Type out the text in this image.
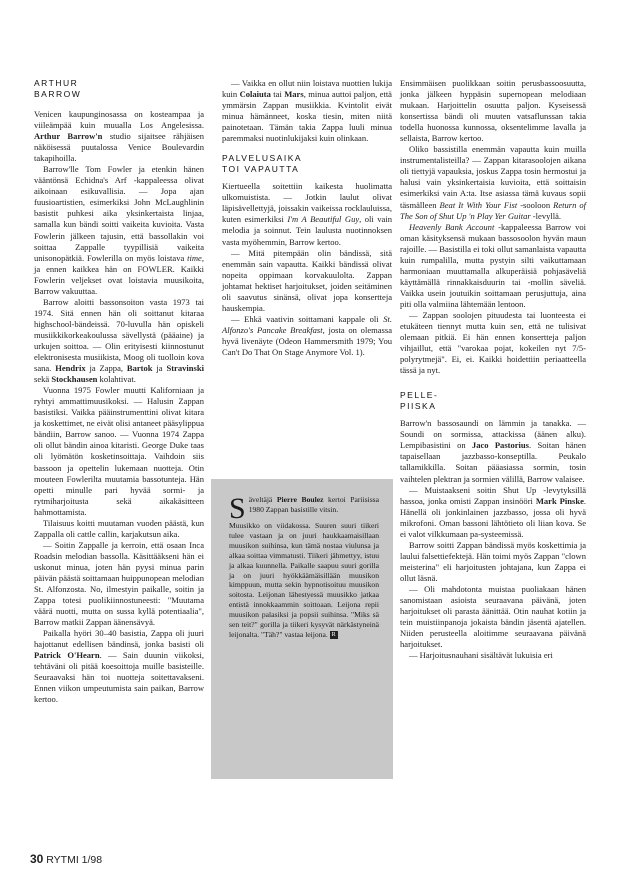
ARTHUR
BARROW

Venicen kaupunginosassa on kosteampaa ja viileämpää kuin muualla Los Angelesissa. Arthur Barrow'n studio sijaitsee rähjäisen näköisessä puutalossa Venice Boulevardin takapihoilla.

Barrow'lle Tom Fowler ja etenkin hänen vääntönsä Echidna's Arf -kappaleessa olivat aikoinaan esikuvallisia. — Jopa ajan fuusioartistien, esimerkiksi John McLaughlinin basistit puhkesi aika yksinkertaista linjaa, samalla kun bändi soitti vaikeita kuvioita. Vasta Fowlerin jälkeen tajusin, että bassollakin voi soittaa Zappalle tyypillisiä vaikeita unisonopätkiä. Fowlerilla on myös loistava time, ja ennen kaikkea hän on FOWLER. Kaikki Fowlerin veljekset ovat loistavia muusikoita, Barrow vakuuttaa.

Barrow aloitti bassonsoiton vasta 1973 tai 1974. Sitä ennen hän oli soittanut kitaraa highschool-bändeissä. 70-luvulla hän opiskeli musiikkikorkeakoulussa sävellystä (pääaine) ja urkujen soittoa. — Olin erityisesti kiinnostunut elektronisesta musiikista, Moog oli tuolloin kova sana. Hendrix ja Zappa, Bartok ja Stravinski sekä Stockhausen kolahtivat.

Vuonna 1975 Fowler muutti Kaliforniaan ja ryhtyi ammattimuusikoksi. — Halusin Zappan basistiksi. Vaikka pääinstrumenttini olivat kitara ja koskettimet, ne eivät olisi antaneet pääsylippua bändiin, Barrow sanoo. — Vuonna 1974 Zappa oli ollut bändin ainoa kitaristi. George Duke taas oli lyömätön kosketinsoittaja. Vaihdoin siis bassoon ja opettelin lukemaan nuotteja. Otin mouteen Fowlerilta muutamia bassotunteja. Hän opetti minulle pari hyvää sormi- ja rytmiharjoitusta sekä aikakäsitteen hahmottamista.

Tilaisuus koitti muutaman vuoden päästä, kun Zappalla oli cattle callin, karjakutsun aika.

— Soitin Zappalle ja kerroin, että osaan Inca Roadsin melodian bassolla. Käsittääkseni hän ei uskonut minua, joten hän pyysi minua parin päivän päästä soittamaan huippunopean melodian St. Alfonzosta. No, ilmestyin paikalle, soitin ja Zappa totesi puolikiinnostuneesti: "Muutama väärä nuotti, mutta on sussa kyllä potentiaalia", Barrow matkii Zappan äänensävyä.

Paikalla hyöri 30–40 basistia, Zappa oli juuri hajottanut edellisen bändinsä, jonka basisti oli Patrick O'Hearn. — Sain duunin viikoksi, tehtäväni oli pitää koesoittoja muille basisteille. Seuraavaksi hän toi nuotteja soitettavakseni. Ennen viikon umpeutumista sain paikan, Barrow kertoo.

— Vaikka en ollut niin loistava nuottien lukija kuin Colaiuta tai Mars, minua auttoi paljon, että ymmärsin Zappan musiikkia. Kvintolit eivät minua hämänneet, koska tiesin, miten niitä painotetaan. Tämän takia Zappa luuli minua paremmaksi nuotinlukijaksi kuin olinkaan.

PALVELUSAIKA
TOI VAPAUTTA

Kiertueella soitettiin kaikesta huolimatta ulkomuistista. — Jotkin laulut olivat läpisävellettyjä, joissakin vaikeissa rocklauluissa, kuten esimerkiksi I'm A Beautiful Guy, oli vain melodia ja soinnut. Tein laulusta nuotinnoksen vasta myöhemmin, Barrow kertoo.

— Mitä pitempään olin bändissä, sitä enemmän sain vapautta. Kaikki bändissä olivat nopeita oppimaan korvakuulolta. Zappan johtamat hektiset harjoitukset, joiden seitäminen oli saavutus sinänsä, olivat jopa konsertteja hauskempia.

— Ehkä vaativin soittamani kappale oli St. Alfonzo's Pancake Breakfast, josta on olemassa hyvä livenäyte (Odeon Hammersmith 1979; You Can't Do That On Stage Anymore Vol. 1).

Säveltäjä Pierre Boulez kertoi Pariisissa 1980 Zappan basistille vitsin.

Muusikko on viidakossa. Suuren suuri tiikeri tulee vastaan ja on juuri haukkaamaisillaan muusikon suihinsa, kun tämä nostaa viulunsa ja alkaa soittaa vimmatusti. Tiikeri jähmettyy, istuu ja alkaa kuunnella. Paikalle saapuu suuri gorilla ja on juuri hyökkäämäisillään muusikon kimppuun, mutta sekin hypnotisoituu muusikon soitosta. Leijonan lähestyessä muusikko jatkaa entistä innokkaammin soittoaan. Leijona repii muusikon palasiksi ja popsii suihinsa. "Miks sä sen teit?" gorilla ja tiikeri kysyvät närkästyneinä leijonalta. "Täh?" vastaa leijona. R

Ensimmäisen puolikkaan soitin perusbassoosuutta, jonka jälkeen hyppäsin supernopean melodiaan mukaan. Harjoittelin osuutta paljon. Kyseisessä konsertissa bändi oli muuten vatsaflunssan takia todella huonossa kunnossa, oksentelimme lavalla ja sellaista, Barrow kertoo.

Oliko bassistilla enemmän vapautta kuin muilla instrumentalisteilla? — Zappan kitarasoolojen aikana oli tiettyjä vapauksia, joskus Zappa tosin hermostui ja halusi vain yksinkertaisia kuvioita, että soittaisin esimerkiksi vain A:ta. Itse asiassa tämä kuvaus sopii täsmälleen Beat It With Your Fist -sooloon Return of The Son of Shut Up 'n Play Yer Guitar -levyllä.

Heavenly Bank Account -kappaleessa Barrow voi oman käsityksensä mukaan bassosoolon hyvän maun rajoille. — Basistilla ei toki ollut samanlaista vapautta kuin rumpalilla, mutta pystyin silti vaikuttamaan harmoniaan muuttamalla alkuperäisiä pohjasäveliä käyttämällä rinnakkaisduurin tai -mollin säveliä. Vaikka usein joutuikin soittamaan perusjuttuja, aina piti olla valmiina lähtemään lentoon.

— Zappan soolojen pituudesta tai luonteesta ei etukäteen tiennyt mutta kuin sen, että ne tulisivat olemaan pitkiä. Ei hän ennen konsertteja paljon vihjaillut, että "varokaa pojat, kokeilen nyt 7/5-polyrytmejä". Ei, ei. Kaikki hoidettiin periaatteella tässä ja nyt.

PELLE-
PIISKA

Barrow'n bassosaundi on lämmin ja tanakka. — Soundi on sormissa, attackissa (äänen alku). Lempibasistini on Jaco Pastorius. Soitan hänen tapaisellaan jazzbasso-konseptilla. Peukalo tallamikkilla. Soitan pääasiassa sormin, tosin vaihtelen plektran ja sormien välillä, Barrow valaisee.

— Muistaakseni soitin Shut Up -levytyksillä hassoa, jonka omisti Zappan insinööri Mark Pinske. Hänellä oli jonkinlainen jazzbasso, jossa oli hyvä mikrofoni. Oman bassoni lähtötieto oli liian kova. Se ei valot vilkkumaan pa-systeemissä.

Barrow soitti Zappan bändissä myös koskettimia ja laului falsettiefektejä. Hän toimi myös Zappan "clown meisterina" eli harjoitusten johtajana, kun Zappa ei ollut läsnä.

— Oli mahdotonta muistaa puoliakaan hänen sanomistaan asioista seuraavana päivänä, joten harjoitukset oli parasta äänittää. Otin nauhat kotiin ja tein muistiinpanoja jokaista bändin jäsentä ajatellen. Niiden perusteella aloitimme seuraavana päivänä harjoitukset.

— Harjoitusnauhani sisältävät lukuisia eri

30 RYTMI 1/98
